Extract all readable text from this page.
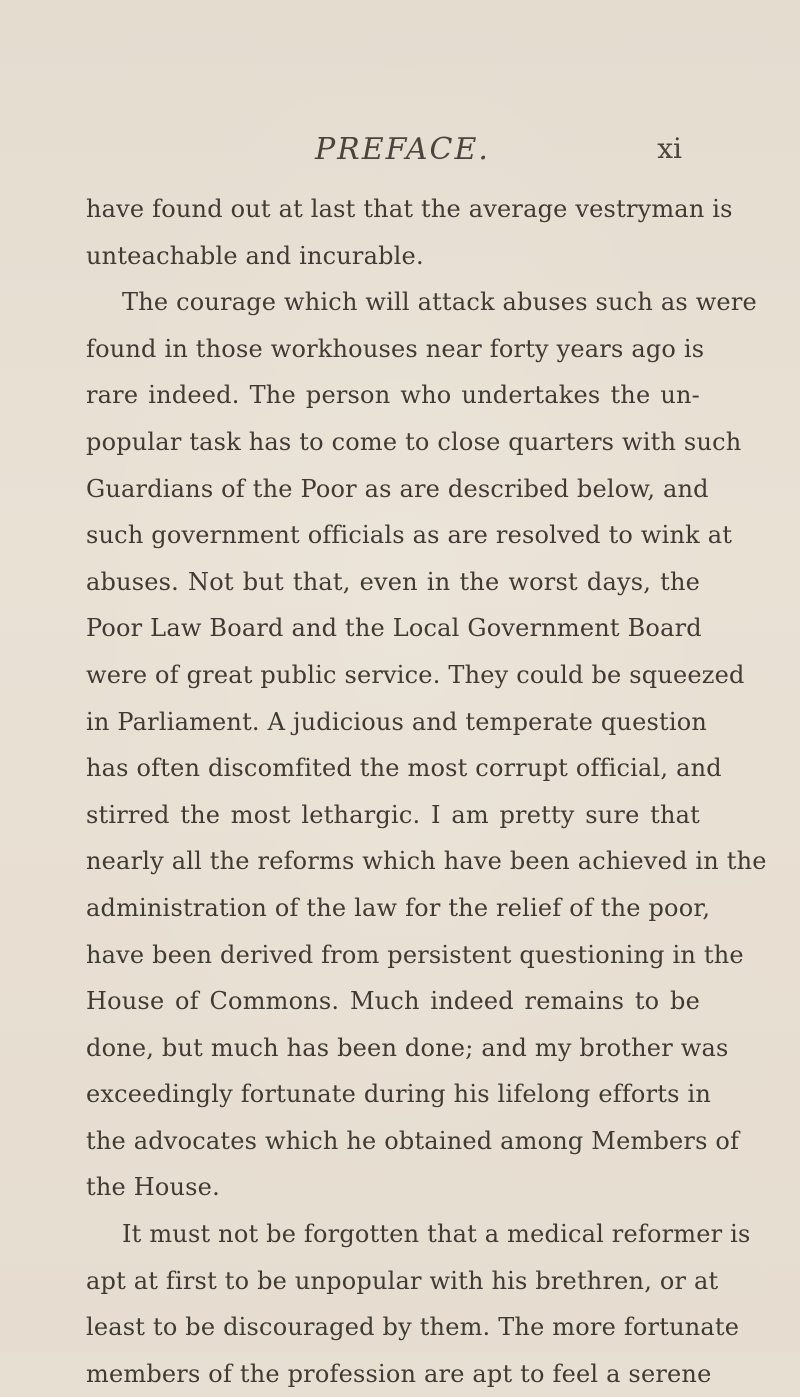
PREFACE.	xi
have found out at last that the average vestryman is
unteachable and incurable.
The courage which will attack abuses such as were
found in those workhouses near forty years ago is
rare indeed. The person who undertakes the un-
popular task has to come to close quarters with such
Guardians of the Poor as are described below, and
such government officials as are resolved to wink at
abuses. Not but that, even in the worst days, the
Poor Law Board and the Local Government Board
were of great public service. They could be squeezed
in Parliament. A judicious and temperate question
has often discomfited the most corrupt official, and
stirred the most lethargic. I am pretty sure that
nearly all the reforms which have been achieved in the
administration of the law for the relief of the poor,
have been derived from persistent questioning in the
House of Commons. Much indeed remains to be
done, but much has been done; and my brother was
exceedingly fortunate during his lifelong efforts in
the advocates which he obtained among Members of
the House.
It must not be forgotten that a medical reformer is
apt at first to be unpopular with his brethren, or at
least to be discouraged by them. The more fortunate
members of the profession are apt to feel a serene
